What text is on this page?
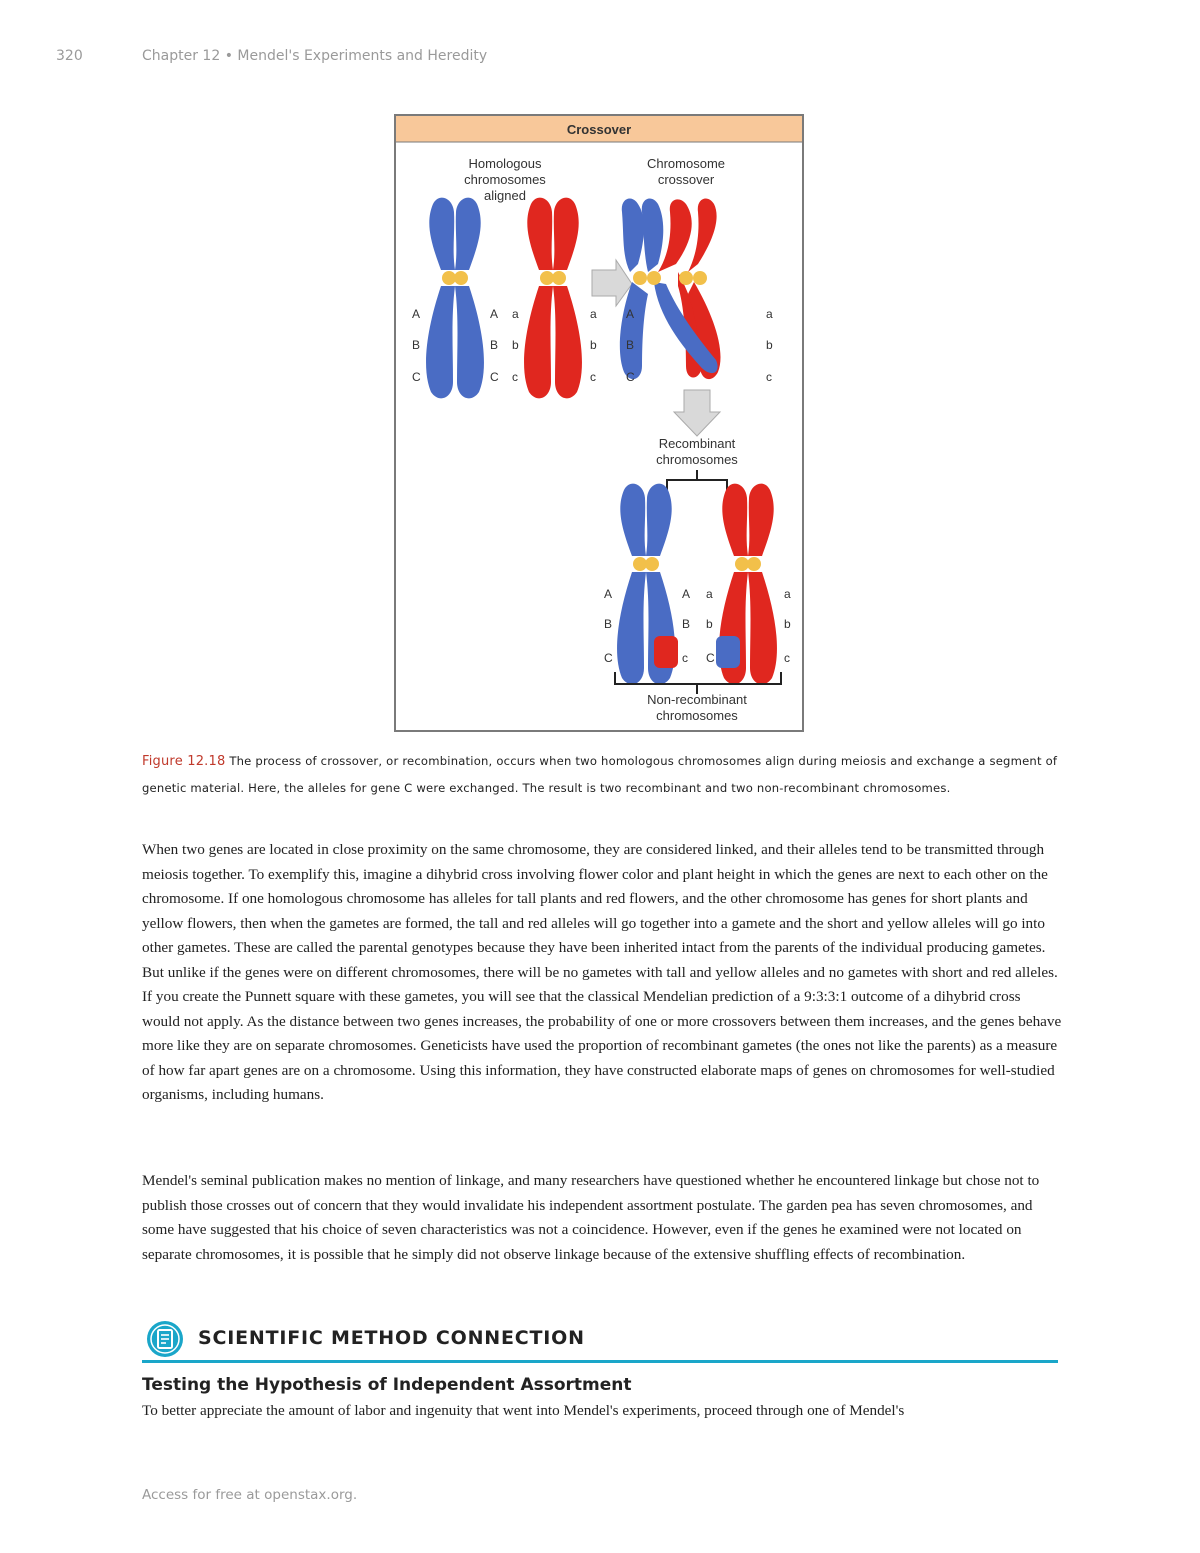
320	Chapter 12 • Mendel's Experiments and Heredity
Crossover
Homologous
chromosomes
aligned
Chromosome
crossover
A
B
C
A
B
C
a
b
c
a
b
c
A
B
C
a
b
c
Recombinant
chromosomes
A
B
C
A
B
c
a
b
C
a
b
c
Non-recombinant
chromosomes
Figure 12.18 The process of crossover, or recombination, occurs when two homologous chromosomes align during meiosis and exchange a segment of genetic material. Here, the alleles for gene C were exchanged. The result is two recombinant and two non-recombinant chromosomes.

When two genes are located in close proximity on the same chromosome, they are considered linked, and their alleles tend to be transmitted through meiosis together. To exemplify this, imagine a dihybrid cross involving flower color and plant height in which the genes are next to each other on the chromosome. If one homologous chromosome has alleles for tall plants and red flowers, and the other chromosome has genes for short plants and yellow flowers, then when the gametes are formed, the tall and red alleles will go together into a gamete and the short and yellow alleles will go into other gametes. These are called the parental genotypes because they have been inherited intact from the parents of the individual producing gametes. But unlike if the genes were on different chromosomes, there will be no gametes with tall and yellow alleles and no gametes with short and red alleles. If you create the Punnett square with these gametes, you will see that the classical Mendelian prediction of a 9:3:3:1 outcome of a dihybrid cross would not apply. As the distance between two genes increases, the probability of one or more crossovers between them increases, and the genes behave more like they are on separate chromosomes. Geneticists have used the proportion of recombinant gametes (the ones not like the parents) as a measure of how far apart genes are on a chromosome. Using this information, they have constructed elaborate maps of genes on chromosomes for well-studied organisms, including humans.

Mendel's seminal publication makes no mention of linkage, and many researchers have questioned whether he encountered linkage but chose not to publish those crosses out of concern that they would invalidate his independent assortment postulate. The garden pea has seven chromosomes, and some have suggested that his choice of seven characteristics was not a coincidence. However, even if the genes he examined were not located on separate chromosomes, it is possible that he simply did not observe linkage because of the extensive shuffling effects of recombination.

SCIENTIFIC METHOD CONNECTION
Testing the Hypothesis of Independent Assortment

To better appreciate the amount of labor and ingenuity that went into Mendel's experiments, proceed through one of Mendel's

Access for free at openstax.org.
